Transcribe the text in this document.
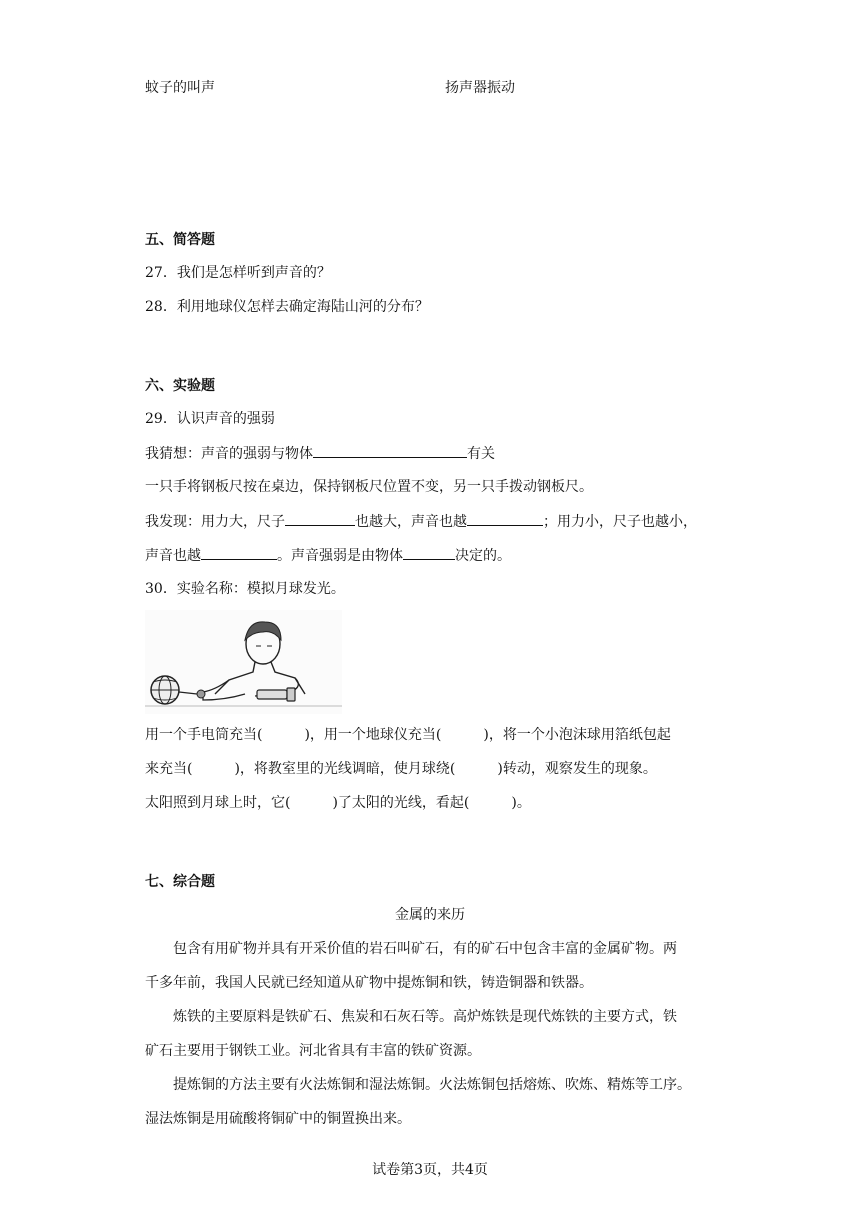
蚊子的叫声	扬声器振动
五、简答题
27．我们是怎样听到声音的？
28．利用地球仪怎样去确定海陆山河的分布？
六、实验题
29．认识声音的强弱
我猜想：声音的强弱与物体	有关
一只手将钢板尺按在桌边，保持钢板尺位置不变，另一只手拨动钢板尺。
我发现：用力大，尺子	也越大，声音也越	；用力小，尺子也越小，
声音也越	。声音强弱是由物体	决定的。
30．实验名称：模拟月球发光。
用一个手电筒充当(	)，用一个地球仪充当(	)，将一个小泡沫球用箔纸包起
来充当(	)，将教室里的光线调暗，使月球绕(	)转动，观察发生的现象。
太阳照到月球上时，它(	)了太阳的光线，看起(	)。
七、综合题
金属的来历
包含有用矿物并具有开采价值的岩石叫矿石，有的矿石中包含丰富的金属矿物。两
千多年前，我国人民就已经知道从矿物中提炼铜和铁，铸造铜器和铁器。
炼铁的主要原料是铁矿石、焦炭和石灰石等。高炉炼铁是现代炼铁的主要方式，铁
矿石主要用于钢铁工业。河北省具有丰富的铁矿资源。
提炼铜的方法主要有火法炼铜和湿法炼铜。火法炼铜包括熔炼、吹炼、精炼等工序。
湿法炼铜是用硫酸将铜矿中的铜置换出来。
试卷第3页，共4页
